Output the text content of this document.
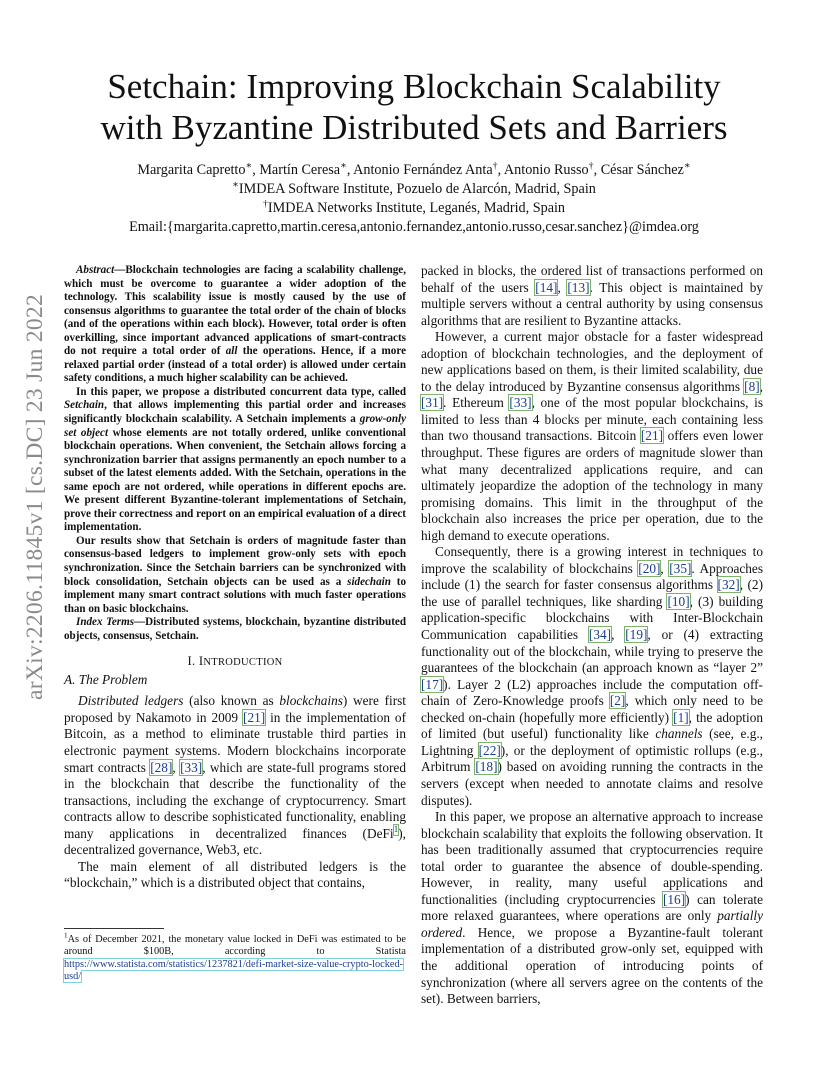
arXiv:2206.11845v1 [cs.DC] 23 Jun 2022
Setchain: Improving Blockchain Scalability
with Byzantine Distributed Sets and Barriers
Margarita Capretto∗, Martín Ceresa∗, Antonio Fernández Anta†, Antonio Russo†, César Sánchez∗
∗IMDEA Software Institute, Pozuelo de Alarcón, Madrid, Spain
†IMDEA Networks Institute, Leganés, Madrid, Spain
Email:{margarita.capretto,martin.ceresa,antonio.fernandez,antonio.russo,cesar.sanchez}@imdea.org

Abstract—Blockchain technologies are facing a scalability challenge, which must be overcome to guarantee a wider adoption of the technology. This scalability issue is mostly caused by the use of consensus algorithms to guarantee the total order of the chain of blocks (and of the operations within each block). However, total order is often overkilling, since important advanced applications of smart-contracts do not require a total order of all the operations. Hence, if a more relaxed partial order (instead of a total order) is allowed under certain safety conditions, a much higher scalability can be achieved.

In this paper, we propose a distributed concurrent data type, called Setchain, that allows implementing this partial order and increases significantly blockchain scalability. A Setchain implements a grow-only set object whose elements are not totally ordered, unlike conventional blockchain operations. When convenient, the Setchain allows forcing a synchronization barrier that assigns permanently an epoch number to a subset of the latest elements added. With the Setchain, operations in the same epoch are not ordered, while operations in different epochs are. We present different Byzantine-tolerant implementations of Setchain, prove their correctness and report on an empirical evaluation of a direct implementation.

Our results show that Setchain is orders of magnitude faster than consensus-based ledgers to implement grow-only sets with epoch synchronization. Since the Setchain barriers can be synchronized with block consolidation, Setchain objects can be used as a sidechain to implement many smart contract solutions with much faster operations than on basic blockchains.

Index Terms—Distributed systems, blockchain, byzantine distributed objects, consensus, Setchain.

I. INTRODUCTION
A. The Problem

Distributed ledgers (also known as blockchains) were first proposed by Nakamoto in 2009 [21] in the implementation of Bitcoin, as a method to eliminate trustable third parties in electronic payment systems. Modern blockchains incorporate smart contracts [28], [33], which are state-full programs stored in the blockchain that describe the functionality of the transactions, including the exchange of cryptocurrency. Smart contracts allow to describe sophisticated functionality, enabling many applications in decentralized finances (DeFi$^1$), decentralized governance, Web3, etc.

The main element of all distributed ledgers is the “blockchain,” which is a distributed object that contains,

$^1$As of December 2021, the monetary value locked in DeFi was estimated to be around $100B, according to Statista https://www.statista.com/statistics/1237821/defi-market-size-value-crypto-locked-usd/

packed in blocks, the ordered list of transactions performed on behalf of the users [14], [13]. This object is maintained by multiple servers without a central authority by using consensus algorithms that are resilient to Byzantine attacks.

However, a current major obstacle for a faster widespread adoption of blockchain technologies, and the deployment of new applications based on them, is their limited scalability, due to the delay introduced by Byzantine consensus algorithms [8], [31]. Ethereum [33], one of the most popular blockchains, is limited to less than 4 blocks per minute, each containing less than two thousand transactions. Bitcoin [21] offers even lower throughput. These figures are orders of magnitude slower than what many decentralized applications require, and can ultimately jeopardize the adoption of the technology in many promising domains. This limit in the throughput of the blockchain also increases the price per operation, due to the high demand to execute operations.

Consequently, there is a growing interest in techniques to improve the scalability of blockchains [20], [35]. Approaches include (1) the search for faster consensus algorithms [32], (2) the use of parallel techniques, like sharding [10], (3) building application-specific blockchains with Inter-Blockchain Communication capabilities [34], [19], or (4) extracting functionality out of the blockchain, while trying to preserve the guarantees of the blockchain (an approach known as “layer 2” [17]). Layer 2 (L2) approaches include the computation off-chain of Zero-Knowledge proofs [2], which only need to be checked on-chain (hopefully more efficiently) [1], the adoption of limited (but useful) functionality like channels (see, e.g., Lightning [22]), or the deployment of optimistic rollups (e.g., Arbitrum [18]) based on avoiding running the contracts in the servers (except when needed to annotate claims and resolve disputes).

In this paper, we propose an alternative approach to increase blockchain scalability that exploits the following observation. It has been traditionally assumed that cryptocurrencies require total order to guarantee the absence of double-spending. However, in reality, many useful applications and functionalities (including cryptocurrencies [16]) can tolerate more relaxed guarantees, where operations are only partially ordered. Hence, we propose a Byzantine-fault tolerant implementation of a distributed grow-only set, equipped with the additional operation of introducing points of synchronization (where all servers agree on the contents of the set). Between barriers,
